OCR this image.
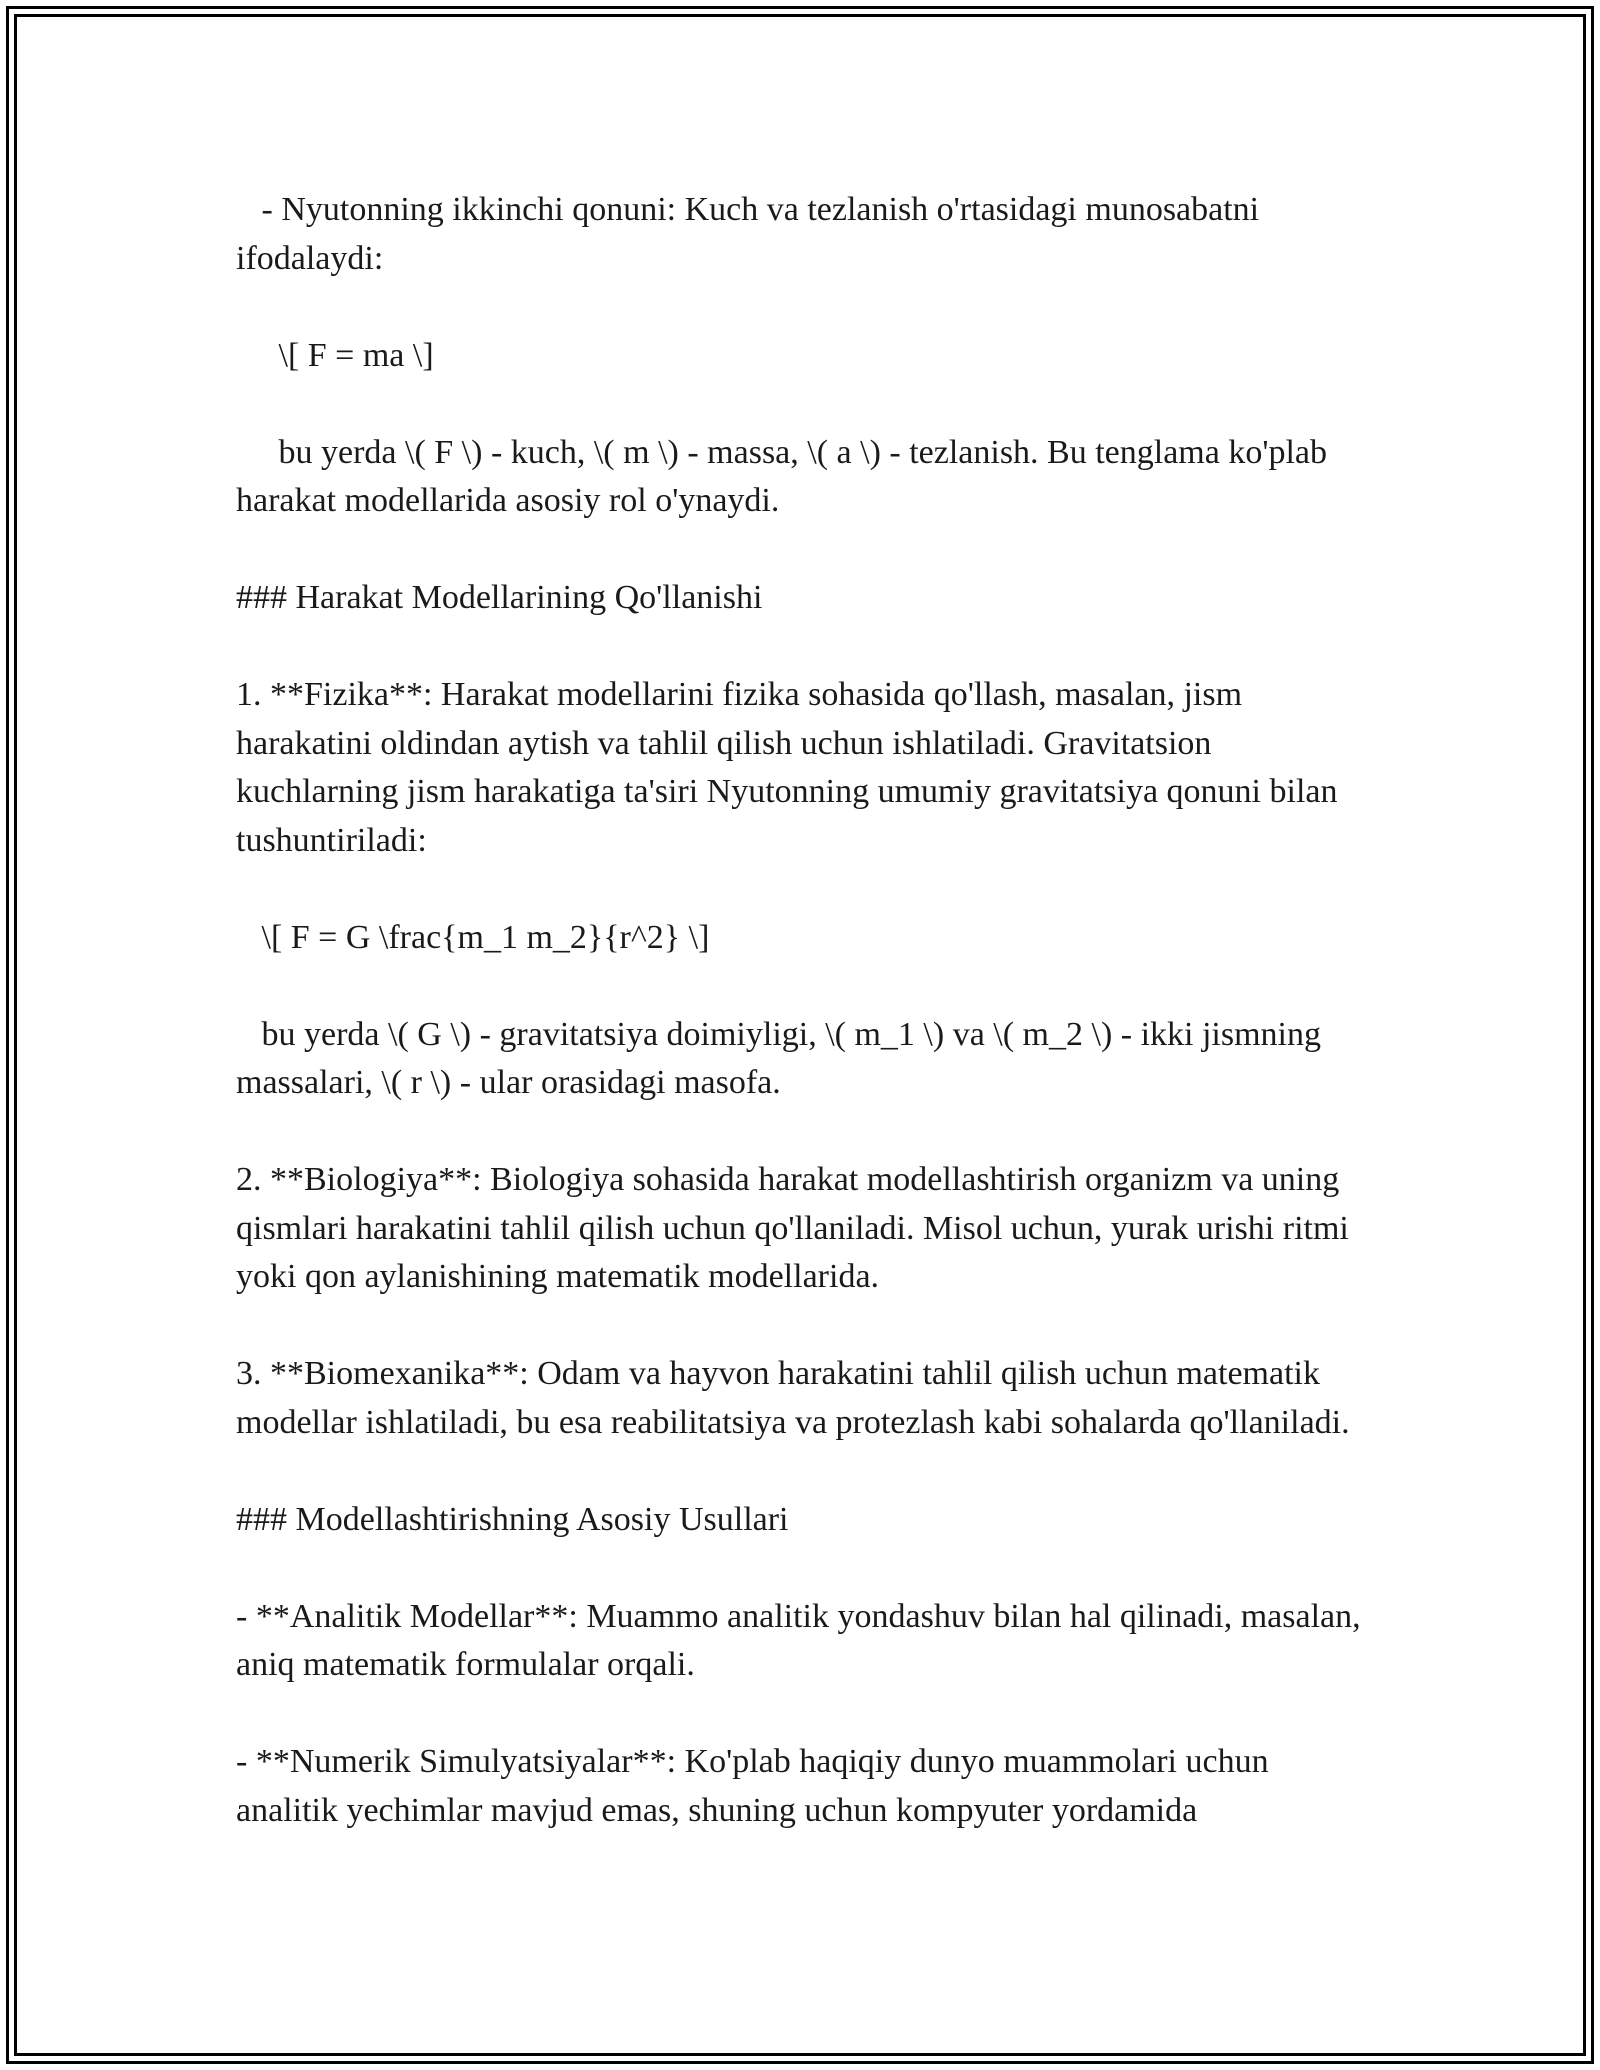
- Nyutonning ikkinchi qonuni: Kuch va tezlanish o'rtasidagi munosabatni ifodalaydi:

\[ F = ma \]

bu yerda \( F \) - kuch, \( m \) - massa, \( a \) - tezlanish. Bu tenglama ko'plab harakat modellarida asosiy rol o'ynaydi.

### Harakat Modellarining Qo'llanishi

1. **Fizika**: Harakat modellarini fizika sohasida qo'llash, masalan, jism harakatini oldindan aytish va tahlil qilish uchun ishlatiladi. Gravitatsion kuchlarning jism harakatiga ta'siri Nyutonning umumiy gravitatsiya qonuni bilan tushuntiriladi:

\[ F = G \frac{m_1 m_2}{r^2} \]

bu yerda \( G \) - gravitatsiya doimiyligi, \( m_1 \) va \( m_2 \) - ikki jismning massalari, \( r \) - ular orasidagi masofa.

2. **Biologiya**: Biologiya sohasida harakat modellashtirish organizm va uning qismlari harakatini tahlil qilish uchun qo'llaniladi. Misol uchun, yurak urishi ritmi yoki qon aylanishining matematik modellarida.

3. **Biomexanika**: Odam va hayvon harakatini tahlil qilish uchun matematik modellar ishlatiladi, bu esa reabilitatsiya va protezlash kabi sohalarda qo'llaniladi.

### Modellashtirishning Asosiy Usullari

- **Analitik Modellar**: Muammo analitik yondashuv bilan hal qilinadi, masalan, aniq matematik formulalar orqali.

- **Numerik Simulyatsiyalar**: Ko'plab haqiqiy dunyo muammolari uchun analitik yechimlar mavjud emas, shuning uchun kompyuter yordamida
